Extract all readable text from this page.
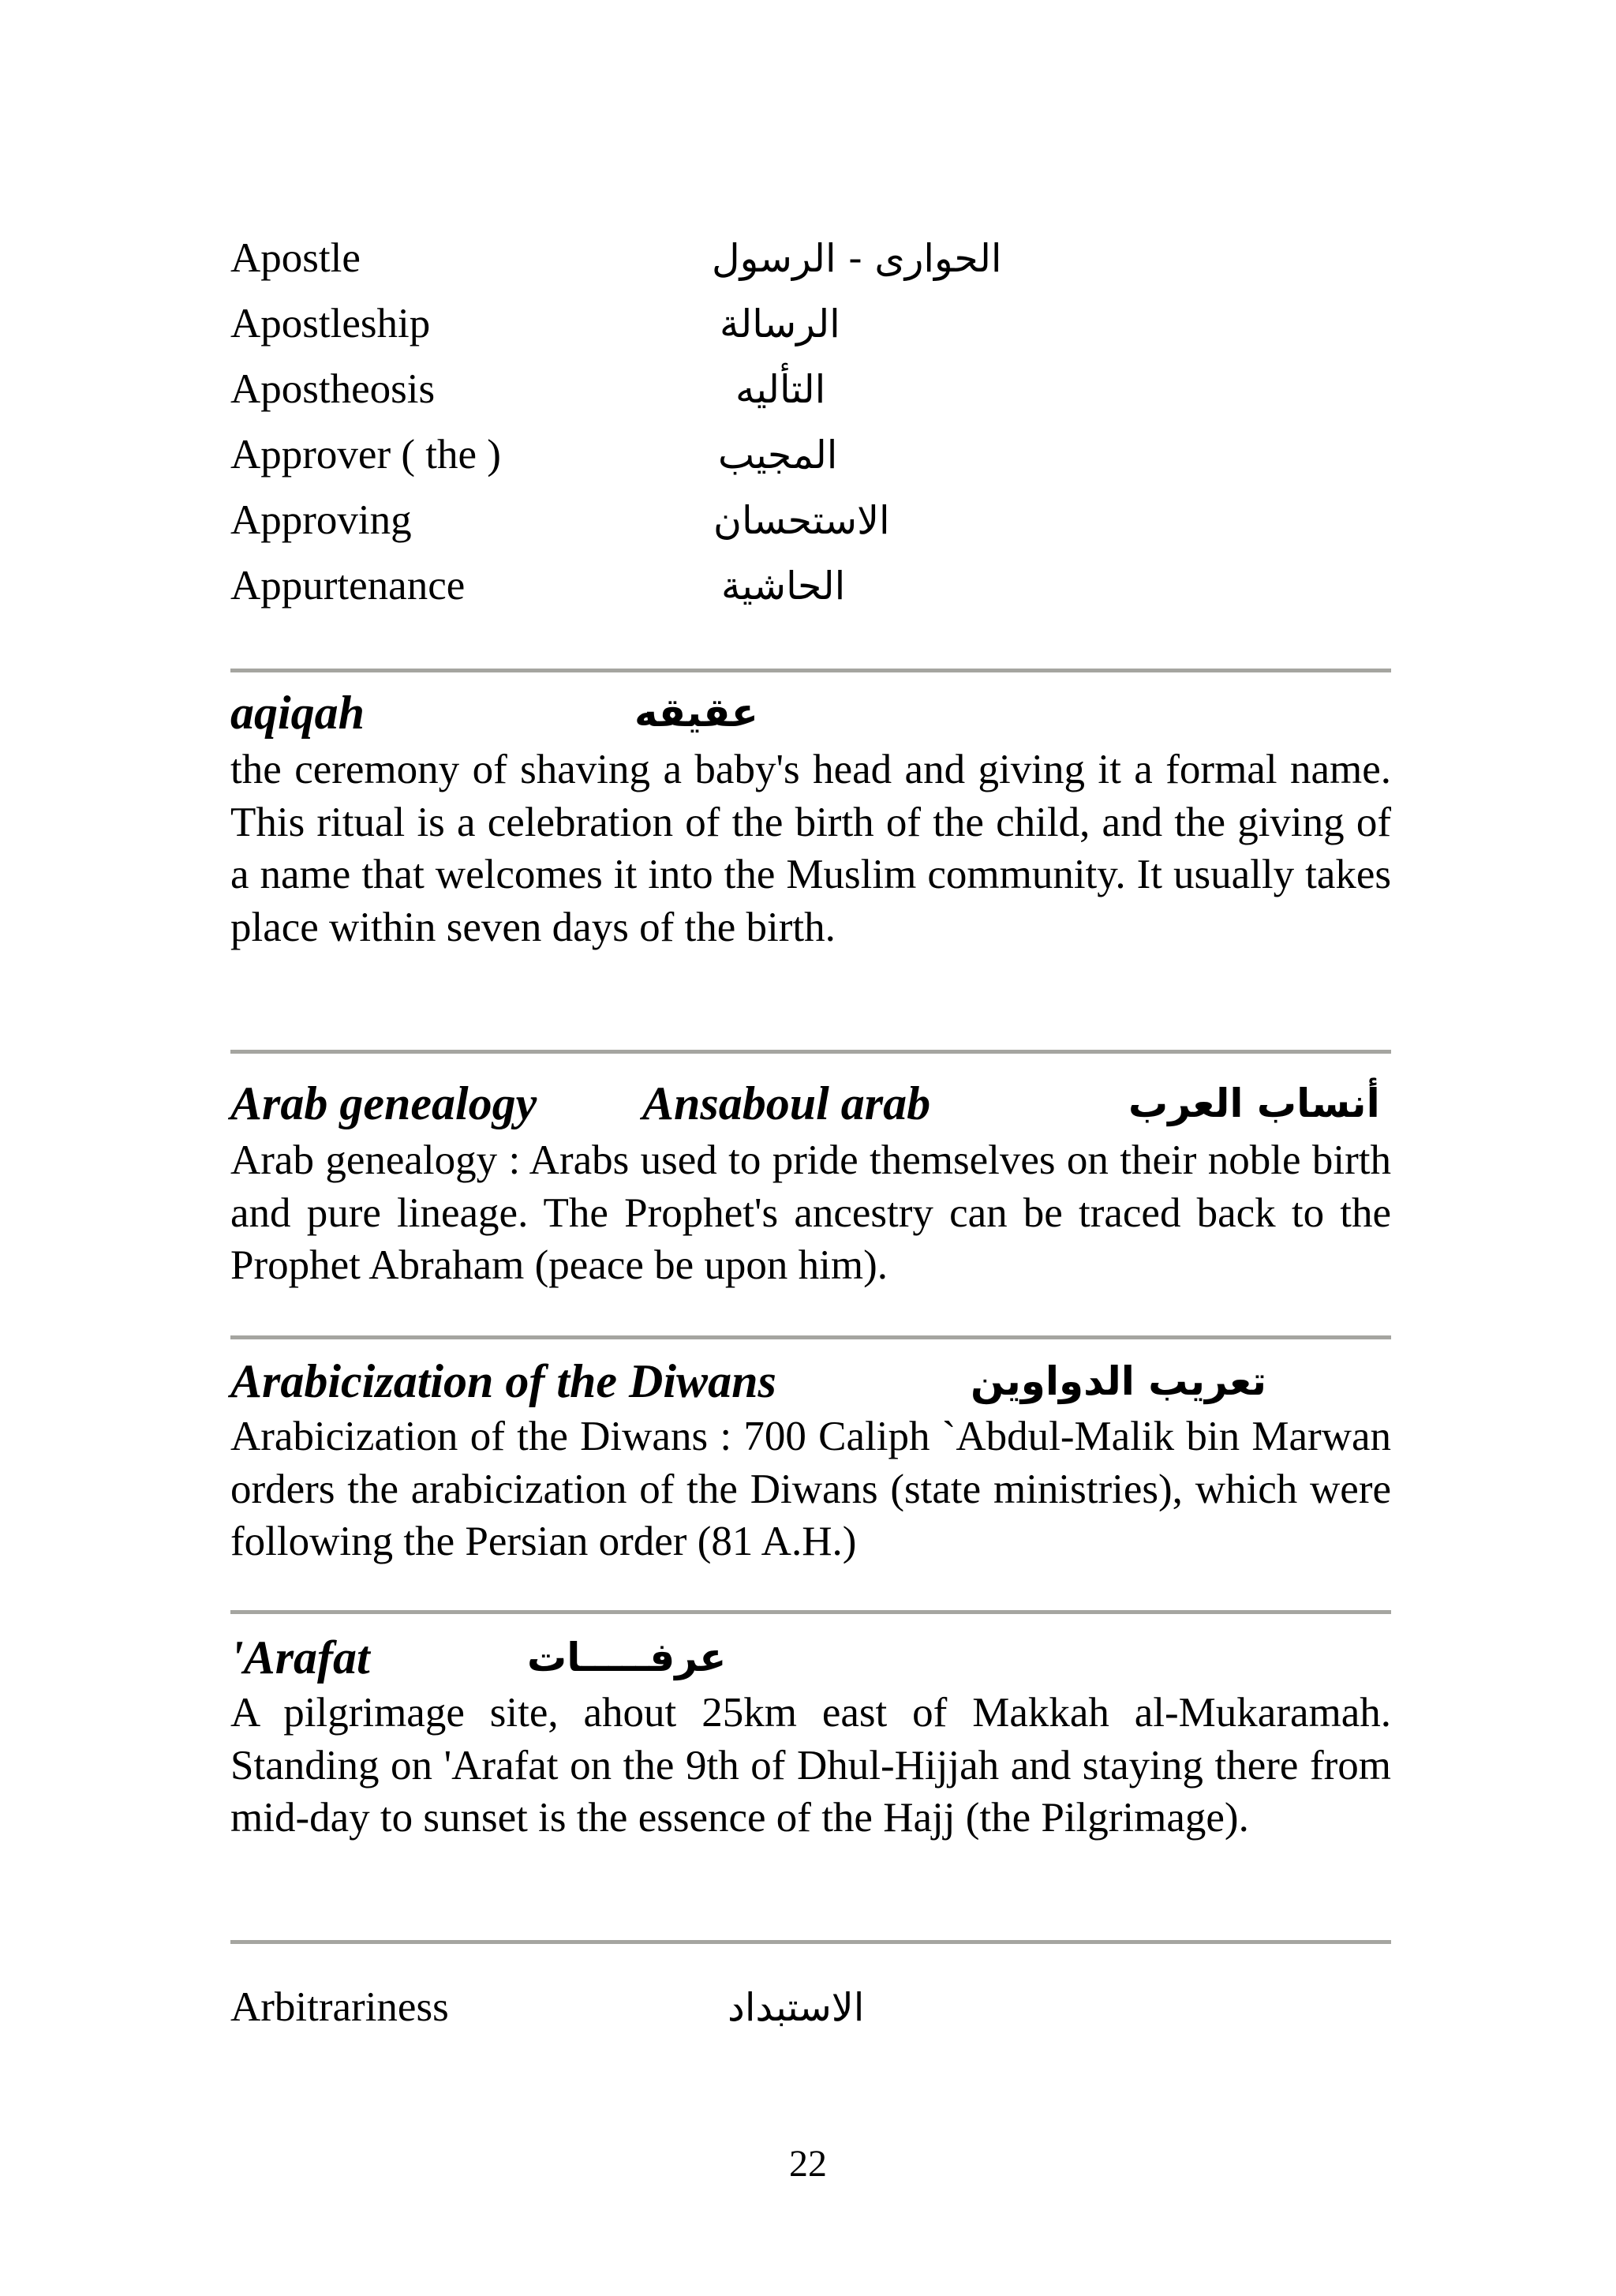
Apostle	الحوارى - الرسول
Apostleship	الرسالة
Apostheosis	التأليه
Approver ( the )	المجيب
Approving	الاستحسان
Appurtenance	الحاشية
aqiqah	عقيقه

the ceremony of shaving a baby's head and giving it a formal name. This ritual is a celebration of the birth of the child, and the giving of a name that welcomes it into the Muslim community. It usually takes place within seven days of the birth.

Arab genealogy Ansaboul arab	أنساب العرب

Arab genealogy : Arabs used to pride themselves on their noble birth and pure lineage. The Prophet's ancestry can be traced back to the Prophet Abraham (peace be upon him).

Arabicization of the Diwans	تعريب الدواوين

Arabicization of the Diwans : 700 Caliph `Abdul-Malik bin Marwan orders the arabicization of the Diwans (state ministries), which were following the Persian order (81 A.H.)

'Arafat	عرفـــــات

A pilgrimage site, ahout 25km east of Makkah al-Mukaramah. Standing on 'Arafat on the 9th of Dhul-Hijjah and staying there from mid-day to sunset is the essence of the Hajj (the Pilgrimage).

Arbitrariness	الاستبداد
22
